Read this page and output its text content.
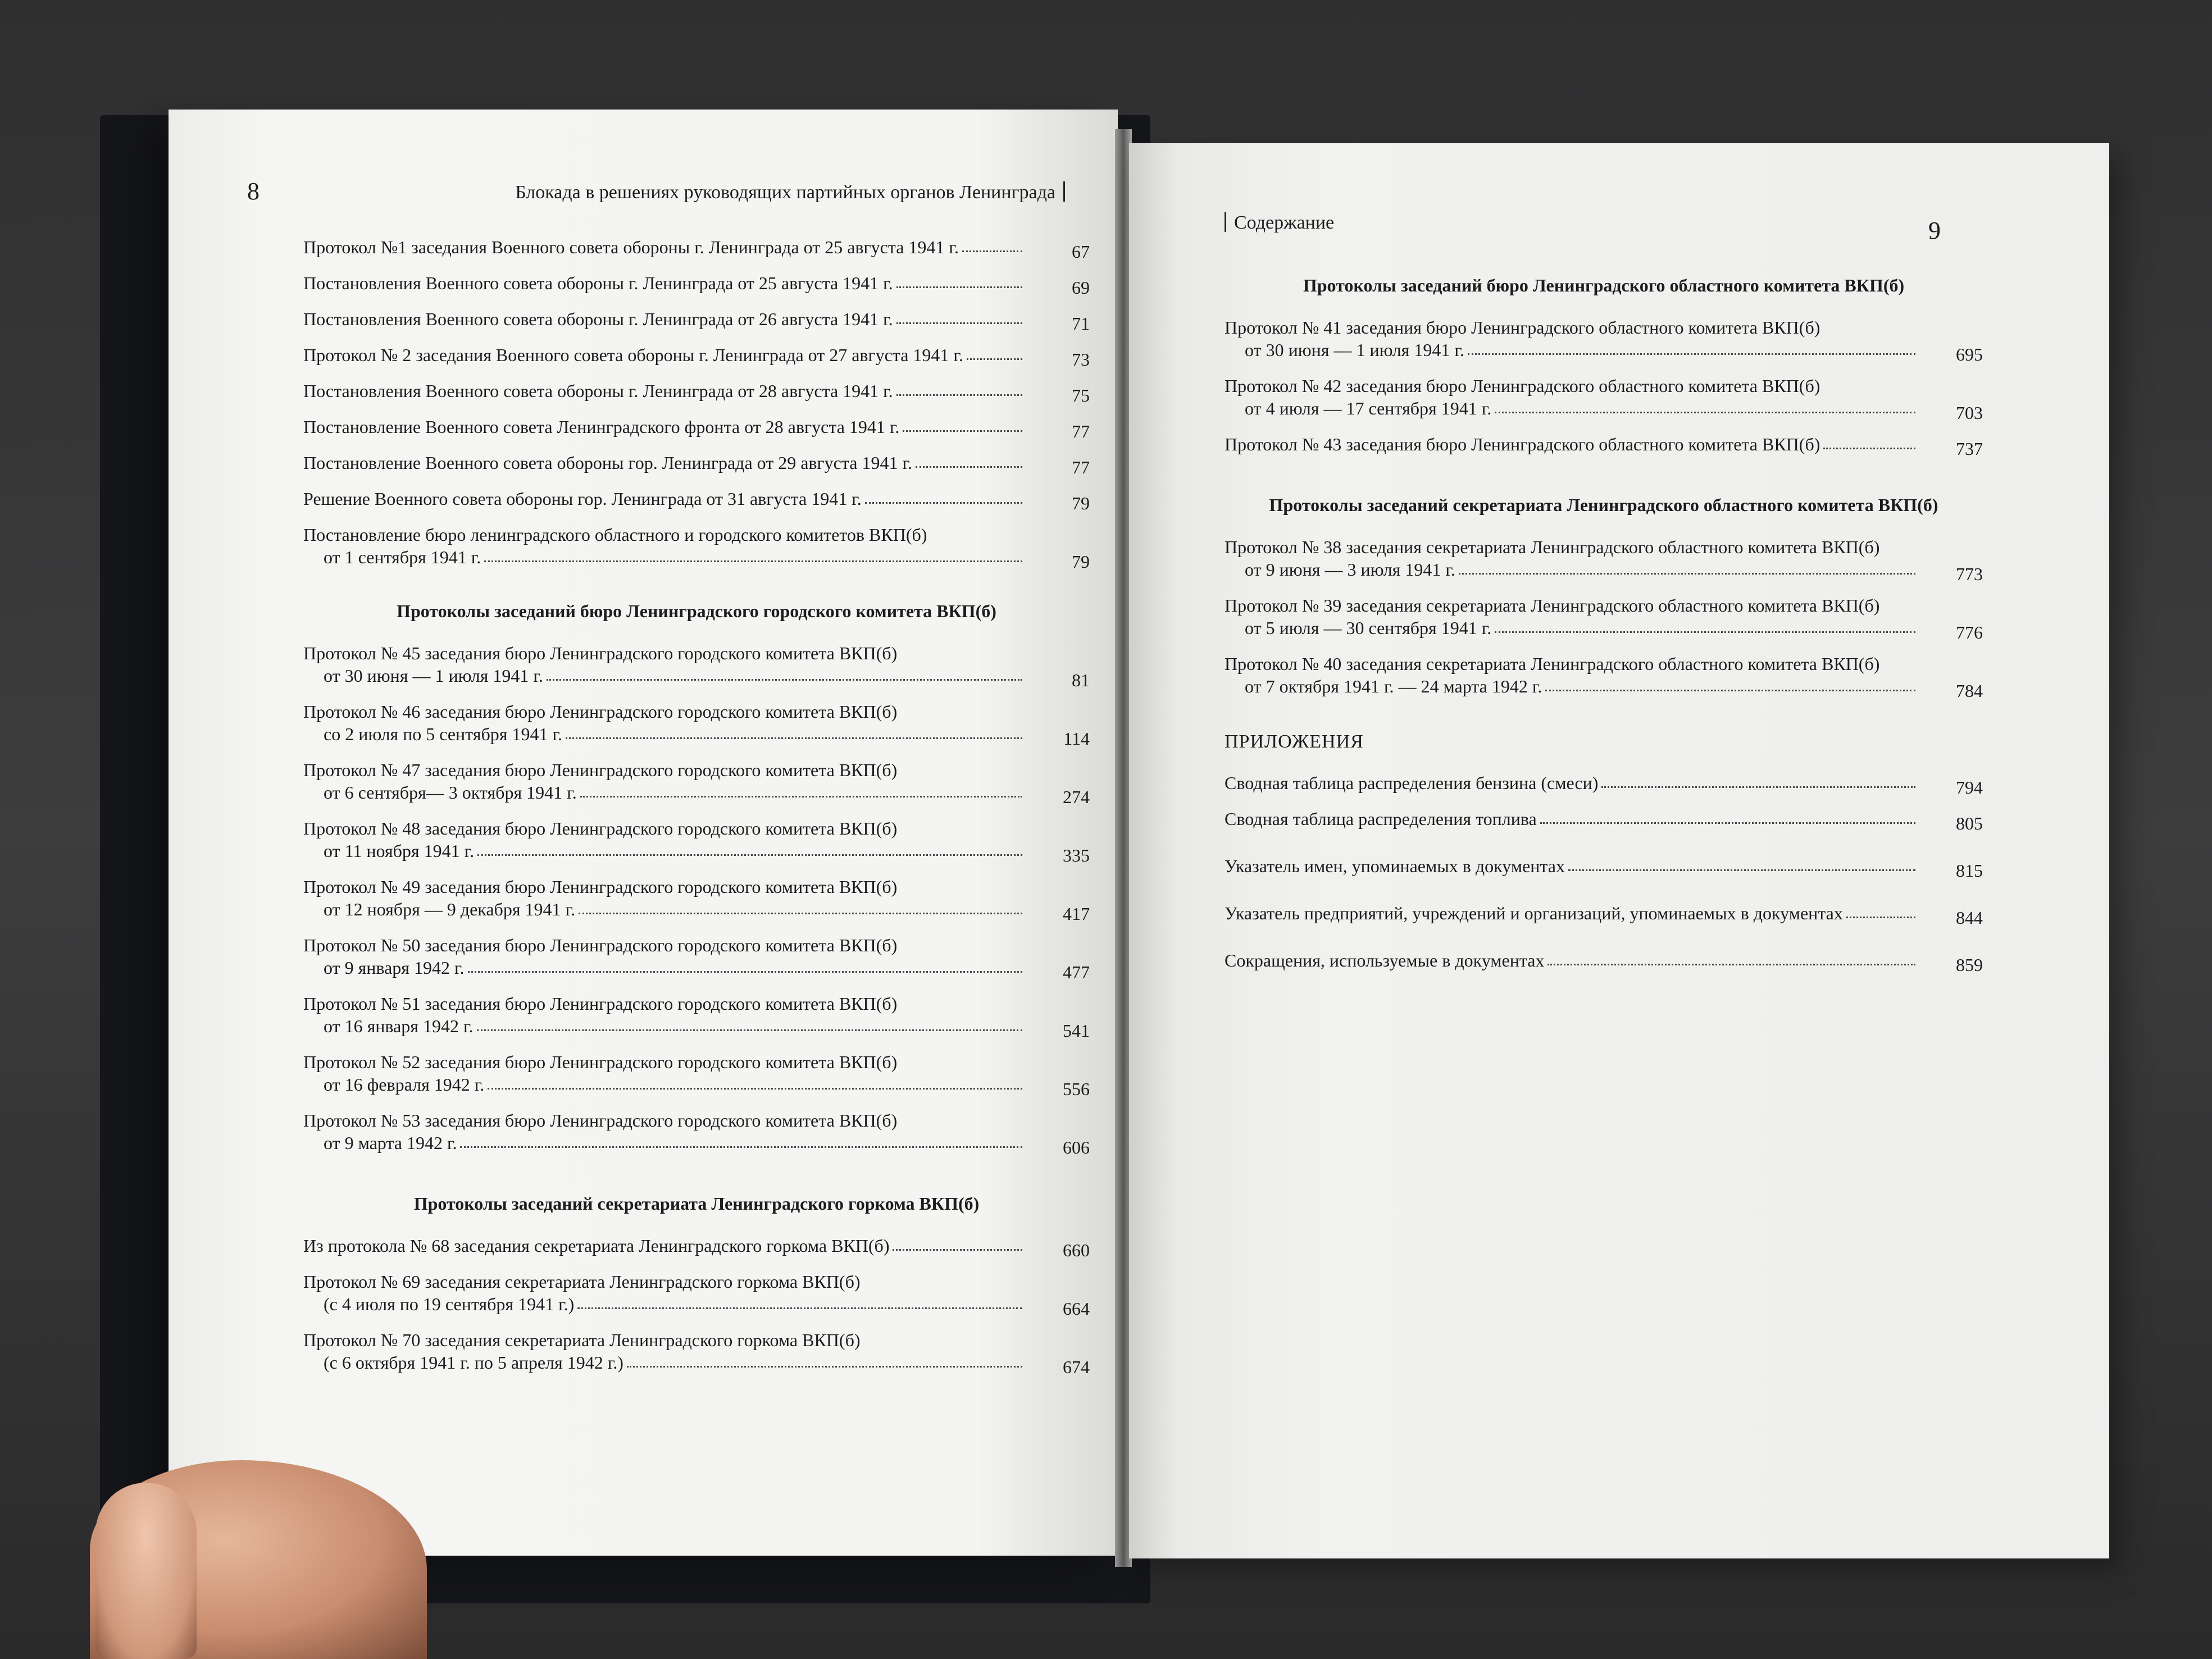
8	Блокада в решениях руководящих партийных органов Ленинграда
Протокол №1 заседания Военного совета обороны г. Ленинграда от 25 августа 1941 г.	67
Постановления Военного совета обороны г. Ленинграда от 25 августа 1941 г.	69
Постановления Военного совета обороны г. Ленинграда от 26 августа 1941 г.	71
Протокол № 2 заседания Военного совета обороны г. Ленинграда от 27 августа 1941 г.	73
Постановления Военного совета обороны г. Ленинграда от 28 августа 1941 г.	75
Постановление Военного совета Ленинградского фронта от 28 августа 1941 г.	77
Постановление Военного совета обороны гор. Ленинграда от 29 августа 1941 г.	77
Решение Военного совета обороны гор. Ленинграда от 31 августа 1941 г.	79
Постановление бюро ленинградского областного и городского комитетов ВКП(б)
от 1 сентября 1941 г.	79
Протоколы заседаний бюро Ленинградского городского комитета ВКП(б)
Протокол № 45 заседания бюро Ленинградского городского комитета ВКП(б)
от 30 июня — 1 июля 1941 г.	81
Протокол № 46 заседания бюро Ленинградского городского комитета ВКП(б)
со 2 июля по 5 сентября 1941 г.	114
Протокол № 47 заседания бюро Ленинградского городского комитета ВКП(б)
от 6 сентября— 3 октября 1941 г.	274
Протокол № 48 заседания бюро Ленинградского городского комитета ВКП(б)
от 11 ноября 1941 г.	335
Протокол № 49 заседания бюро Ленинградского городского комитета ВКП(б)
от 12 ноября — 9 декабря 1941 г.	417
Протокол № 50 заседания бюро Ленинградского городского комитета ВКП(б)
от 9 января 1942 г.	477
Протокол № 51 заседания бюро Ленинградского городского комитета ВКП(б)
от 16 января 1942 г.	541
Протокол № 52 заседания бюро Ленинградского городского комитета ВКП(б)
от 16 февраля 1942 г.	556
Протокол № 53 заседания бюро Ленинградского городского комитета ВКП(б)
от 9 марта 1942 г.	606
Протоколы заседаний секретариата Ленинградского горкома ВКП(б)
Из протокола № 68 заседания секретариата Ленинградского горкома ВКП(б)	660
Протокол № 69 заседания секретариата Ленинградского горкома ВКП(б)
(с 4 июля по 19 сентября 1941 г.)	664
Протокол № 70 заседания секретариата Ленинградского горкома ВКП(б)
(с 6 октября 1941 г. по 5 апреля 1942 г.)	674
Содержание	9
Протоколы заседаний бюро Ленинградского областного комитета ВКП(б)
Протокол № 41 заседания бюро Ленинградского областного комитета ВКП(б)
от 30 июня — 1 июля 1941 г.	695
Протокол № 42 заседания бюро Ленинградского областного комитета ВКП(б)
от 4 июля — 17 сентября 1941 г.	703
Протокол № 43 заседания бюро Ленинградского областного комитета ВКП(б)	737
Протоколы заседаний секретариата Ленинградского областного комитета ВКП(б)
Протокол № 38 заседания секретариата Ленинградского областного комитета ВКП(б)
от 9 июня — 3 июля 1941 г.	773
Протокол № 39 заседания секретариата Ленинградского областного комитета ВКП(б)
от 5 июля — 30 сентября 1941 г.	776
Протокол № 40 заседания секретариата Ленинградского областного комитета ВКП(б)
от 7 октября 1941 г. — 24 марта 1942 г.	784
ПРИЛОЖЕНИЯ
Сводная таблица распределения бензина (смеси)	794
Сводная таблица распределения топлива	805
Указатель имен, упоминаемых в документах	815
Указатель предприятий, учреждений и организаций, упоминаемых в документах	844
Сокращения, используемые в документах	859
